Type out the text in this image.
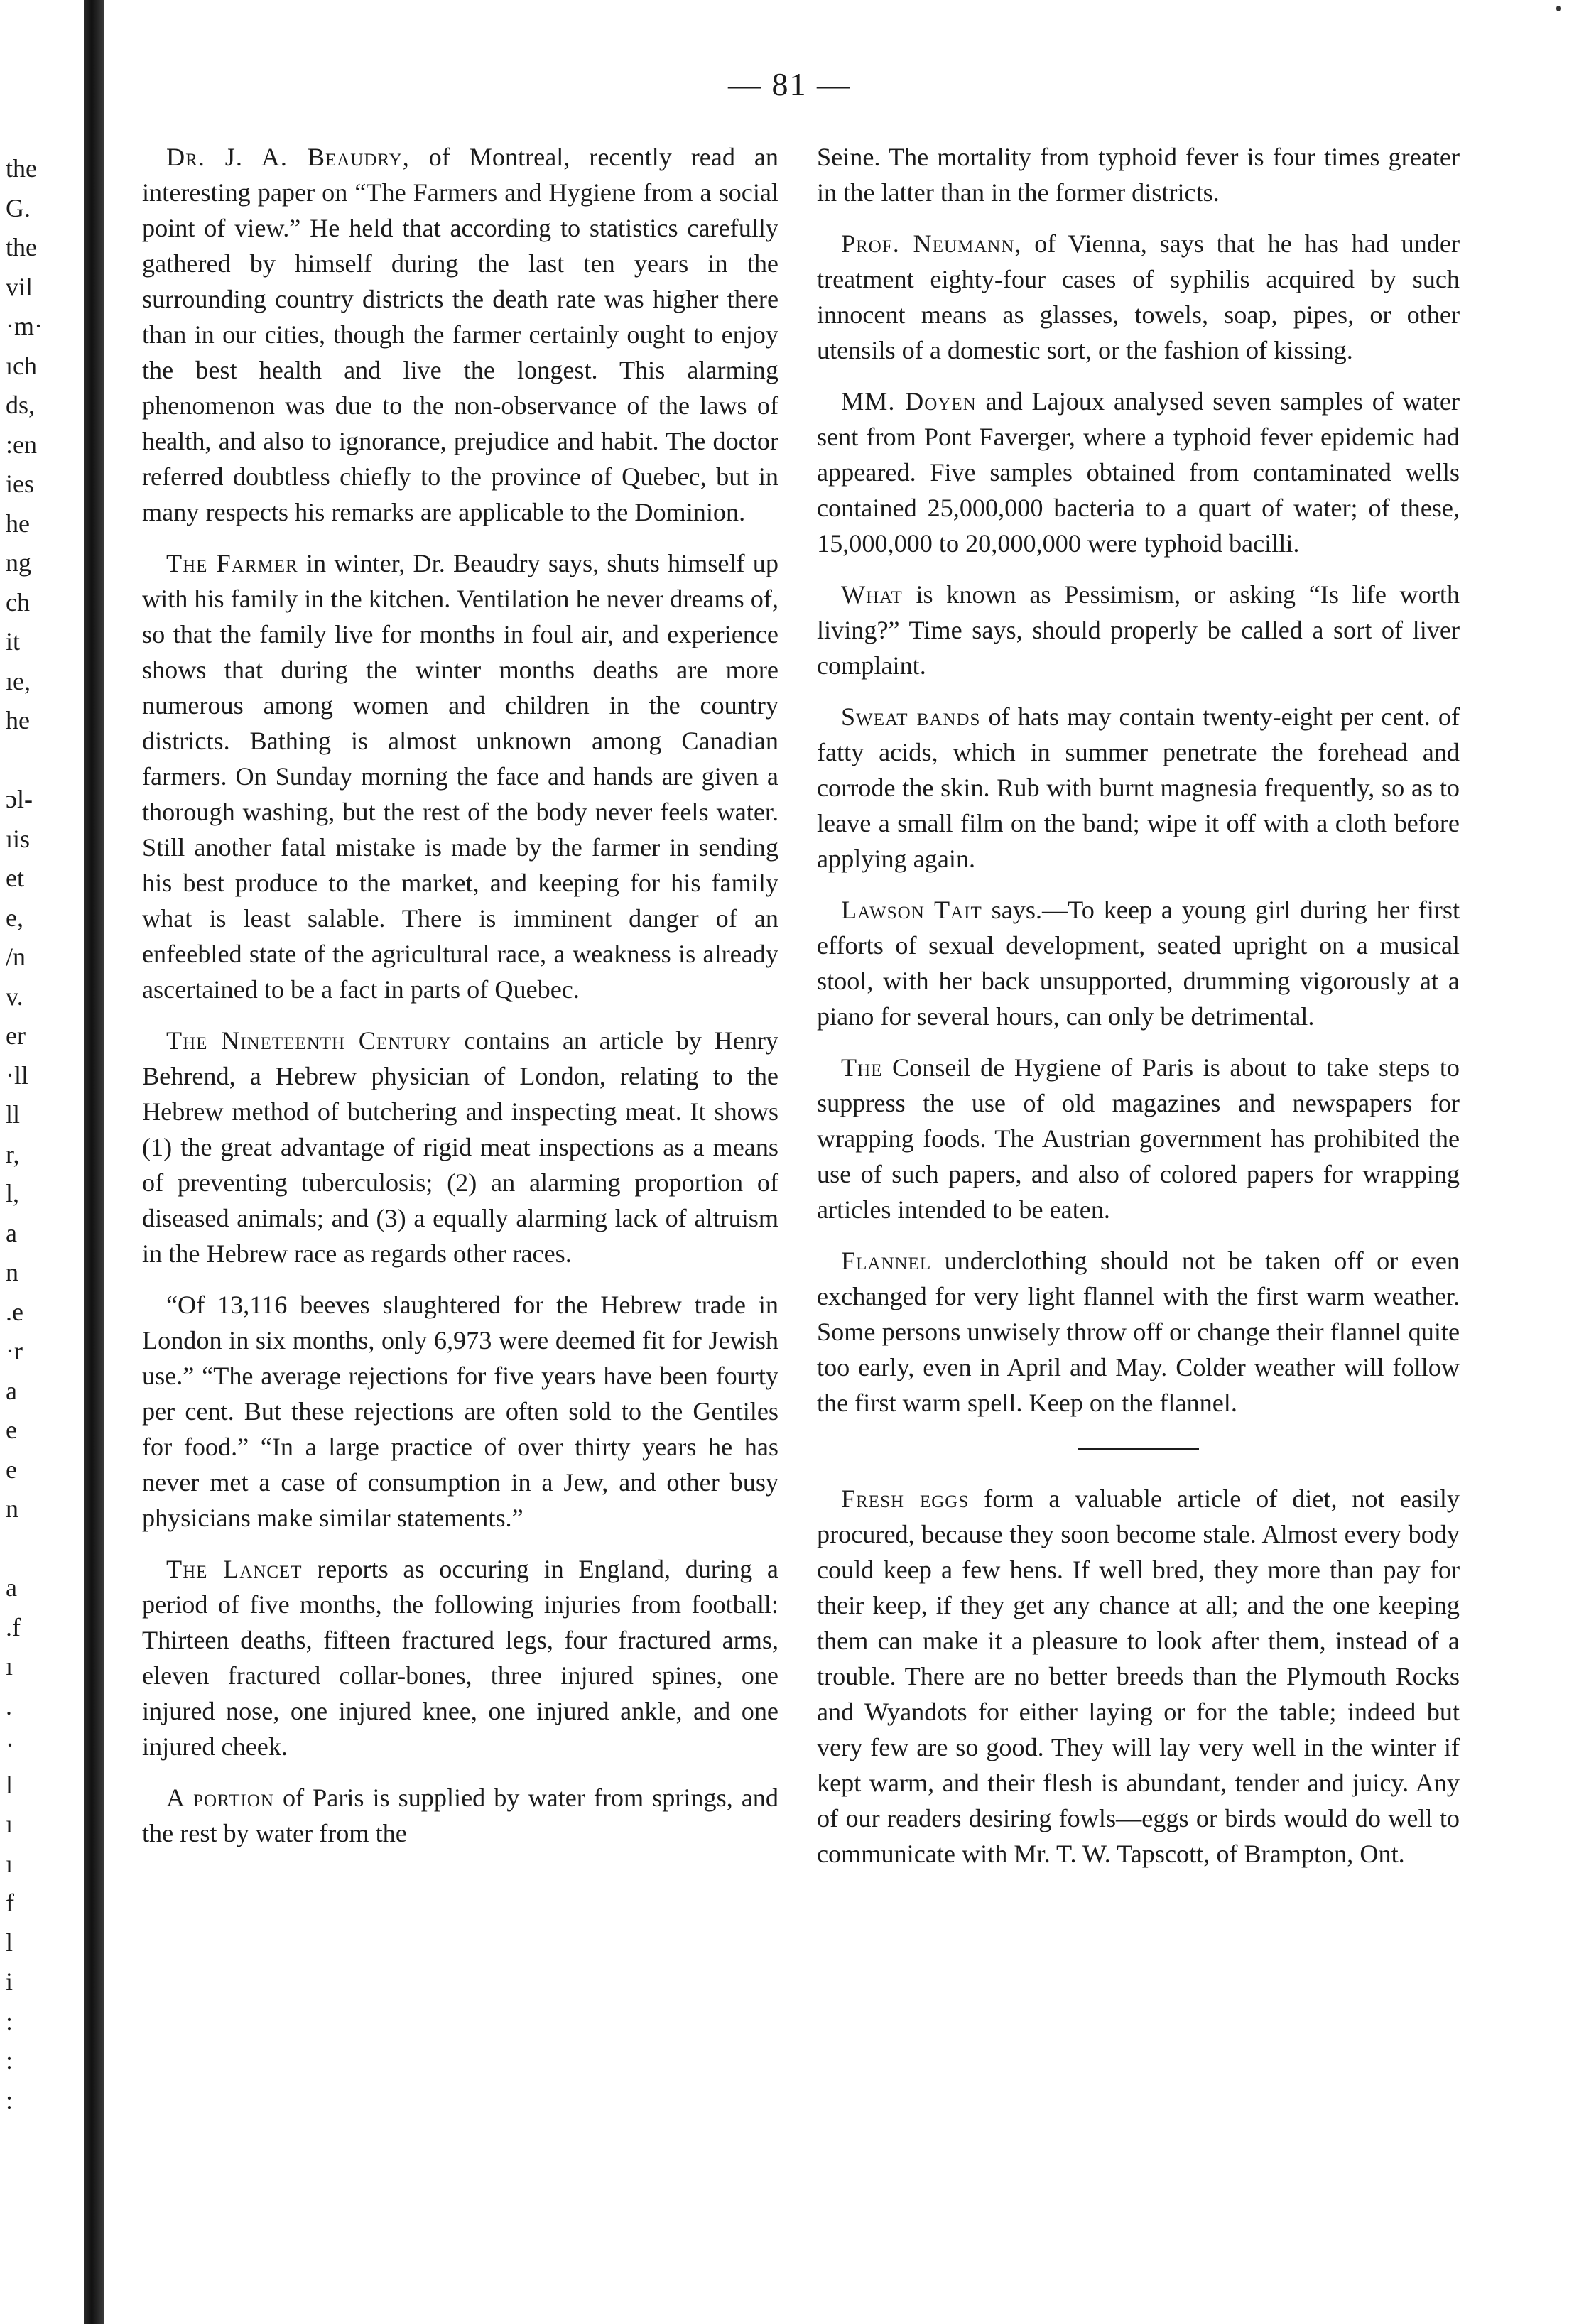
— 81 —
the
G.
the
vil
·m·
ıch
ds,
:en
ies
he
ng
ch
it
ıe,
he
ɔl-
ıis
et
e,
/n
v.
er
·ll
ll
r,
l,
a
n
.e
·r
a
e
e
n
a
.f
ı
.
·
l
ı
ı
f
l
i
:
:
:

Dr. J. A. Beaudry, of Montreal, recently read an interesting paper on “The Farmers and Hygiene from a social point of view.” He held that according to statistics carefully gathered by himself during the last ten years in the surrounding country districts the death rate was higher there than in our cities, though the farmer certainly ought to enjoy the best health and live the longest. This alarming phenomenon was due to the non-observance of the laws of health, and also to ignorance, prejudice and habit. The doctor referred doubtless chiefly to the province of Quebec, but in many respects his remarks are applicable to the Dominion.

The Farmer in winter, Dr. Beaudry says, shuts himself up with his family in the kitchen. Ventilation he never dreams of, so that the family live for months in foul air, and experience shows that during the winter months deaths are more numerous among women and children in the country districts. Bathing is almost unknown among Canadian farmers. On Sunday morning the face and hands are given a thorough washing, but the rest of the body never feels water. Still another fatal mistake is made by the farmer in sending his best produce to the market, and keeping for his family what is least salable. There is imminent danger of an enfeebled state of the agricultural race, a weakness is already ascertained to be a fact in parts of Quebec.

The Nineteenth Century contains an article by Henry Behrend, a Hebrew physician of London, relating to the Hebrew method of butchering and inspecting meat. It shows (1) the great advantage of rigid meat inspections as a means of preventing tuberculosis; (2) an alarming proportion of diseased animals; and (3) a equally alarming lack of altruism in the Hebrew race as regards other races.

“Of 13,116 beeves slaughtered for the Hebrew trade in London in six months, only 6,973 were deemed fit for Jewish use.” “The average rejections for five years have been fourty per cent. But these rejections are often sold to the Gentiles for food.” “In a large practice of over thirty years he has never met a case of consumption in a Jew, and other busy physicians make similar statements.”

The Lancet reports as occuring in England, during a period of five months, the following injuries from football: Thirteen deaths, fifteen fractured legs, four fractured arms, eleven fractured collar-bones, three injured spines, one injured nose, one injured knee, one injured ankle, and one injured cheek.

A portion of Paris is supplied by water from springs, and the rest by water from the

Seine. The mortality from typhoid fever is four times greater in the latter than in the former districts.

Prof. Neumann, of Vienna, says that he has had under treatment eighty-four cases of syphilis acquired by such innocent means as glasses, towels, soap, pipes, or other utensils of a domestic sort, or the fashion of kissing.

MM. Doyen and Lajoux analysed seven samples of water sent from Pont Faverger, where a typhoid fever epidemic had appeared. Five samples obtained from contaminated wells contained 25,000,000 bacteria to a quart of water; of these, 15,000,000 to 20,000,000 were typhoid bacilli.

What is known as Pessimism, or asking “Is life worth living?” Time says, should properly be called a sort of liver complaint.

Sweat bands of hats may contain twenty-eight per cent. of fatty acids, which in summer penetrate the forehead and corrode the skin. Rub with burnt magnesia frequently, so as to leave a small film on the band; wipe it off with a cloth before applying again.

Lawson Tait says.—To keep a young girl during her first efforts of sexual development, seated upright on a musical stool, with her back unsupported, drumming vigorously at a piano for several hours, can only be detrimental.

The Conseil de Hygiene of Paris is about to take steps to suppress the use of old magazines and newspapers for wrapping foods. The Austrian government has prohibited the use of such papers, and also of colored papers for wrapping articles intended to be eaten.

Flannel underclothing should not be taken off or even exchanged for very light flannel with the first warm weather. Some persons unwisely throw off or change their flannel quite too early, even in April and May. Colder weather will follow the first warm spell. Keep on the flannel.

Fresh eggs form a valuable article of diet, not easily procured, because they soon become stale. Almost every body could keep a few hens. If well bred, they more than pay for their keep, if they get any chance at all; and the one keeping them can make it a pleasure to look after them, instead of a trouble. There are no better breeds than the Plymouth Rocks and Wyandots for either laying or for the table; indeed but very few are so good. They will lay very well in the winter if kept warm, and their flesh is abundant, tender and juicy. Any of our readers desiring fowls—eggs or birds would do well to communicate with Mr. T. W. Tapscott, of Brampton, Ont.
